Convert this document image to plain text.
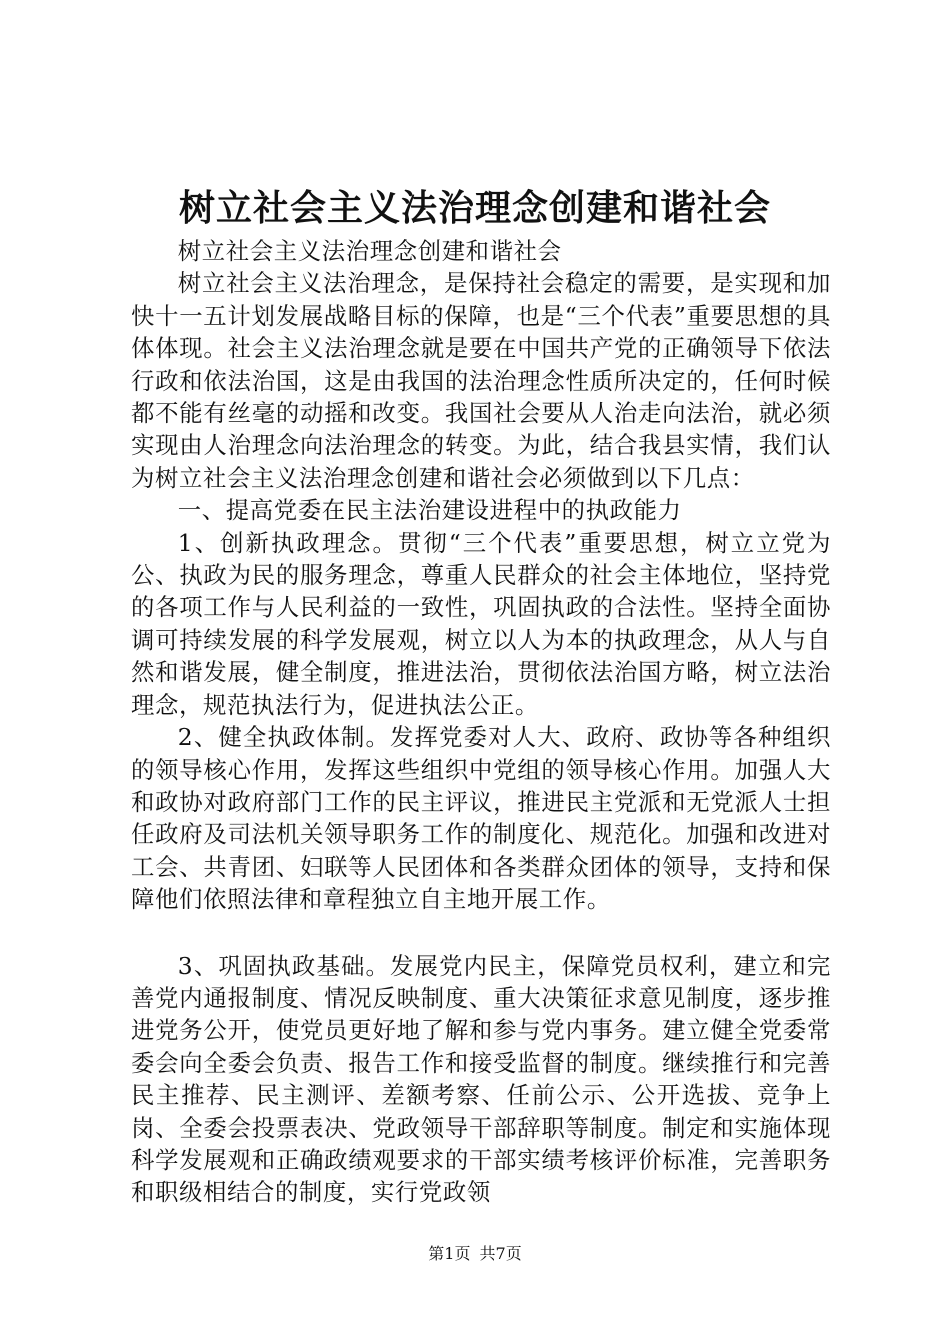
树立社会主义法治理念创建和谐社会

树立社会主义法治理念创建和谐社会

树立社会主义法治理念，是保持社会稳定的需要，是实现和加快十一五计划发展战略目标的保障，也是“三个代表”重要思想的具体体现。社会主义法治理念就是要在中国共产党的正确领导下依法行政和依法治国，这是由我国的法治理念性质所决定的，任何时候都不能有丝毫的动摇和改变。我国社会要从人治走向法治，就必须实现由人治理念向法治理念的转变。为此，结合我县实情，我们认为树立社会主义法治理念创建和谐社会必须做到以下几点：

一、提高党委在民主法治建设进程中的执政能力

1、创新执政理念。贯彻“三个代表”重要思想，树立立党为公、执政为民的服务理念，尊重人民群众的社会主体地位，坚持党的各项工作与人民利益的一致性，巩固执政的合法性。坚持全面协调可持续发展的科学发展观，树立以人为本的执政理念，从人与自然和谐发展，健全制度，推进法治，贯彻依法治国方略，树立法治理念，规范执法行为，促进执法公正。

2、健全执政体制。发挥党委对人大、政府、政协等各种组织的领导核心作用，发挥这些组织中党组的领导核心作用。加强人大和政协对政府部门工作的民主评议，推进民主党派和无党派人士担任政府及司法机关领导职务工作的制度化、规范化。加强和改进对工会、共青团、妇联等人民团体和各类群众团体的领导，支持和保障他们依照法律和章程独立自主地开展工作。

3、巩固执政基础。发展党内民主，保障党员权利，建立和完善党内通报制度、情况反映制度、重大决策征求意见制度，逐步推进党务公开，使党员更好地了解和参与党内事务。建立健全党委常委会向全委会负责、报告工作和接受监督的制度。继续推行和完善民主推荐、民主测评、差额考察、任前公示、公开选拔、竞争上岗、全委会投票表决、党政领导干部辞职等制度。制定和实施体现科学发展观和正确政绩观要求的干部实绩考核评价标准，完善职务和职级相结合的制度，实行党政领

第1页 共7页
